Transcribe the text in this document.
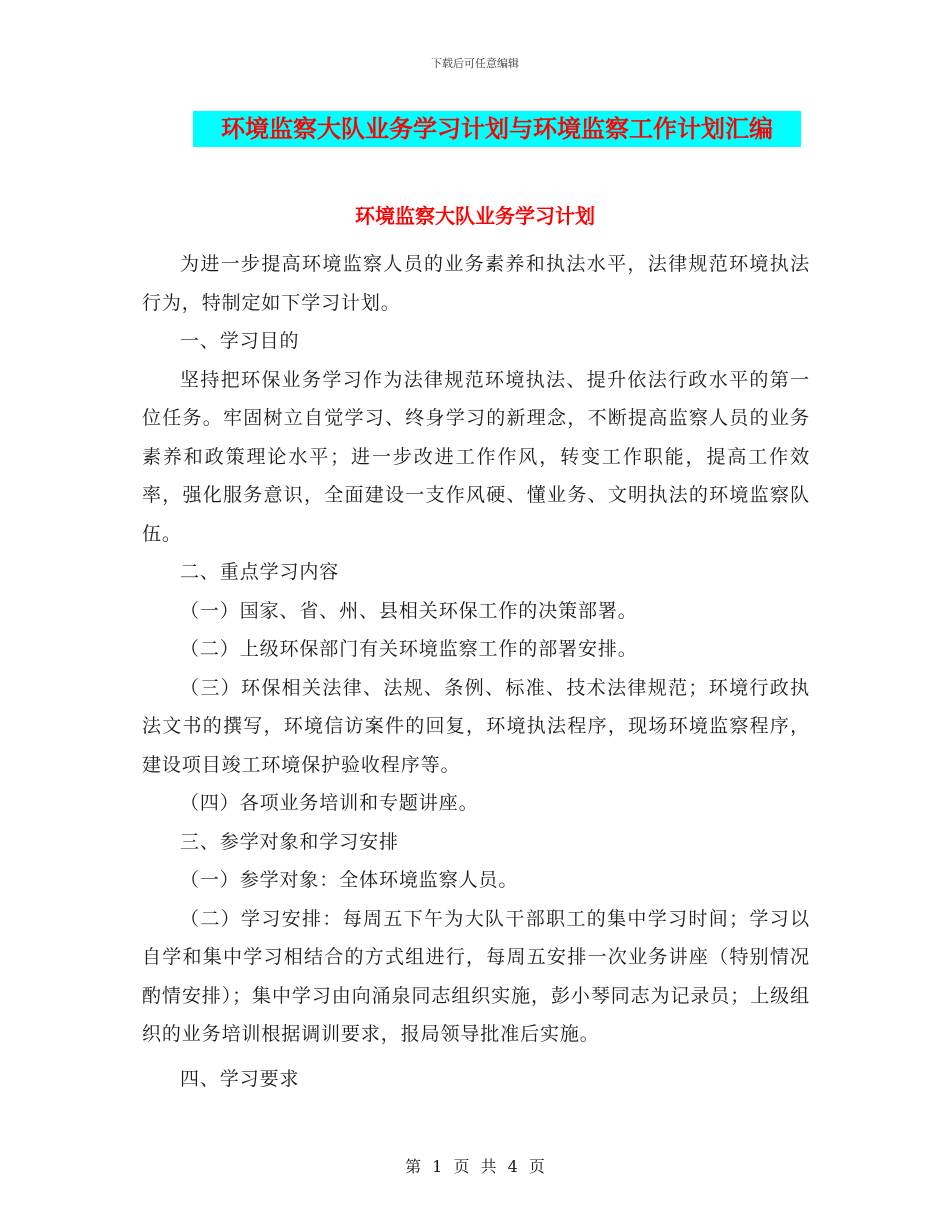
下载后可任意编辑
环境监察大队业务学习计划与环境监察工作计划汇编
环境监察大队业务学习计划

为进一步提高环境监察人员的业务素养和执法水平，法律规范环境执法行为，特制定如下学习计划。

一、学习目的

坚持把环保业务学习作为法律规范环境执法、提升依法行政水平的第一位任务。牢固树立自觉学习、终身学习的新理念，不断提高监察人员的业务素养和政策理论水平；进一步改进工作作风，转变工作职能，提高工作效率，强化服务意识，全面建设一支作风硬、懂业务、文明执法的环境监察队伍。

二、重点学习内容

（一）国家、省、州、县相关环保工作的决策部署。

（二）上级环保部门有关环境监察工作的部署安排。

（三）环保相关法律、法规、条例、标准、技术法律规范；环境行政执法文书的撰写，环境信访案件的回复，环境执法程序，现场环境监察程序，建设项目竣工环境保护验收程序等。

（四）各项业务培训和专题讲座。

三、参学对象和学习安排

（一）参学对象：全体环境监察人员。

（二）学习安排：每周五下午为大队干部职工的集中学习时间；学习以自学和集中学习相结合的方式组进行，每周五安排一次业务讲座（特别情况酌情安排）；集中学习由向涌泉同志组织实施，彭小琴同志为记录员；上级组织的业务培训根据调训要求，报局领导批准后实施。

四、学习要求

第 1 页 共 4 页
